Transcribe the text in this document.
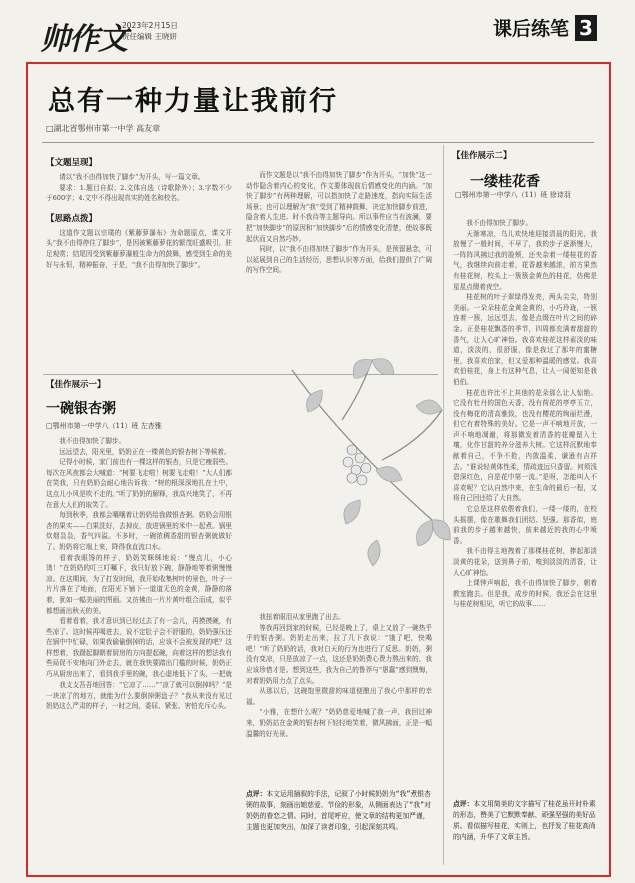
帅作文
2023年2月15日
责任编辑 王晓妍	课后练笔 3
总有一种力量让我前行
□湖北省鄂州市第一中学 高友章
【文题呈现】

请以“我不由得加快了脚步”为开头，写一篇文章。

要求：1.题目自拟；2.文体自选（诗歌除外）；3.字数不少于600字；4.文中不得出现真实的姓名和校名。

【思路点拨】

这道作文题以宗璞的《紫藤萝瀑布》为命题原点，课文开头“我不由得停住了脚步”，是因被紫藤萝花的繁茂旺盛吸引，驻足观赏；结尾因受到紫藤萝瀑般生命力的鼓舞，感受到生命的美好与永恒，精神振奋，于是，“我不由得加快了脚步”。

而作文题是以“我不由得加快了脚步”作为开头，“加快”这一动作隐含着内心的变化，作文要体现前后情感变化的内涵。“加快了脚步”有两种理解，可以指加快了走路速度，指向实际生活场景；也可以理解为“我”受到了精神鼓舞，决定加快脚步前进，隐含着人生进、时不我待等主题导向。所以事件应当有波澜，要把“加快脚步”的原因和“加快脚步”后的情感变化清楚，使故事既起伏而又自然巧妙。

同时，以“我不由得加快了脚步”作为开头，是预留悬念，可以延展到自己的生活经历，思想认识等方面，给我们提供了广阔的写作空间。

【佳作展示一】
一碗银杏粥
□鄂州市第一中学八（11）班 左杏雅

我不由得加快了脚步。

远远望去，阳光里，奶奶正在一棵黄色的银杏树下等候着。

记得小时候，家门前也有一棵这样的银杏，只是它瘦弱些。每次在风夜都会大喊道：“树要飞走啦！树要飞走啦！”大人们都在笑我，只有奶奶会耐心地告诉我：“树的根深深地扎在土中，这点儿小风是吹不走的。”听了奶奶的解释，我高兴地笑了，不再在意大人们的取笑了。

每到秋季，我都会嚷嚷着让奶奶给我做银杏粥。奶奶会用银杏的果实——白果洗好，去掉皮，放进锅里的米中一起煮。锅里炊烟袅袅，香气四溢。不多时，一碗浓稠香甜的银杏粥就做好了。奶奶将它端上来，降得我直流口水。

看着我眼馋的样子，奶奶笑眯眯地说：“慢点儿，小心烫！”在奶奶的叮三叮嘱下，我只好放下碗，静静地等着粥慢慢凉。在这期间，为了打发时间，我开始收集树叶的景色，叶子一片片落在了地面，在阳光下铺下一道道无色的金黄，静静的落着，犹如一幅美丽的图画。又彷佛由一片片黄叶组合而成，似乎都想画出秋天的美。

看着看着，我才意识到已经过去了有一会儿，再摸摸碗，有些凉了。这时候再喝进去，说不定肚子会不舒服的，奶奶强压还在锅中中忙碌，如果我偷偷倒掉的话，应该不会被发现的吧？这样想着，我蹑起脚朝着厨房的方向提起碗，向着这样的想法我有些局促不安地向门外走去，就在我快要踏出门槛的时候，奶奶正巧从厨房出来了，看到我手里的碗，我心虚地低下了头，一把就

我支支吾吾地回答：“它凉了……”“凉了就可以倒掉吗？”是一块凉了的地方，就能为什么要倒掉粥盘子？”我从来没有见过奶奶这么严肃的样子，一时之间，委屈、紧张、害怕充斥心头。

我扭着眼泪从家里跑了出去。

等我再回到家的时候，已经是晚上了，桌上又放了一碗热乎乎的银杏粥。奶奶走出来，拉了几下我说：“饿了吧，快喝吧！”听了奶奶的话，我对白天的行为也进行了反思。奶奶，粥没有变凉，只是放凉了一点，这还是奶奶费心费力熬出来的，我应该珍惜才是。想到这些，我为自己的鲁莽与“愚蠢”感到懊悔，对着奶奶用力点了点头。

从那以后，这碗饱里微甜的味道便酿出了我心中那样的幸福。

“小雅，在想什么呢？”奶奶慈爱地喊了我一声，我回过神来，奶奶站在金黄的银杏树下轻轻地笑着，微风拂面，正是一幅温馨的好光景。

点评：本文运用插叙的手法，记叙了小时候奶奶为“我”煮银杏粥的故事，刻画出她慈爱、节俭的形象，从侧面表达了“我”对奶奶的眷恋之情。同时，首尾呼应，使文章的结构更加严谨，主题也更加突出，加深了读者印象，引起深刻共鸣。
【佳作展示二】
一缕桂花香
□鄂州市第一中学八（11）班 徐诗羽

我不由得加快了脚步。

天渐寒凉，乌儿欢快地迎接清晨的阳光，我放慢了一般时间，不早了，我的步子逐渐慢大，一阵阵风拂过我的脸颊，还夹杂着一缕桂花的香气，我继续向前走着，花香越来越浓，前方果然有桂花树，校头上一簇簇金黄色的桂花，仿佛是星星点缀着夜空。

桂花树的叶子翠绿得发亮，两头尖尖，特别美丽。一朵朵桂花金黄金黄的，小巧玲珑，一簇连着一簇，远远望去，像是点缀在叶片之间的碎金。正是桂花飘香的季节，四周都充满着甜甜的香气，让人心旷神怡。我喜欢桂花这样素淡的味道，淡淡的，很舒服，像是我过了那年的蜜糖里，我喜欢伯家，但又爱那种温暖的感觉。我喜欢伯桂花，身上有这种气息，让人一闻便知是我伯伯。

桂花也许比不上其他的花朵那么让人惊艳。它没有牡丹的国色天香，没有荷花的亭亭玉立，没有梅花的清高雅致，也没有樱花的绚丽烂漫，但它有着特殊的美好。它是一声不响地开放，一声不响地凋谢，将那微发着清香的花瓣留入土壤，化作甘甜的养分滋养大树。它这样沉默地奉献着自己，不争不抢，内敛温柔，谦逊有吉祥去。“谁说轻黄体性柔，情疏迹远只香留。何须浅碧深红色，自是花中第一流。”是呀，怎能叫人不喜欢呢？它认自然中来，在生命的最后一程，又将自己回还给了大自然。

它总是这样依偎着我们，一缕一缕的，在校头摇摆，像在歌舞我们团结、坚强。那香似，庭前我的步子越来越快，前来越近的我的心中喷香。

我不由得主地拽着了那棵桂花树，捧起那淡淡黄的花朵，送到鼻子前，嗅到淡淡的清香，让人心旷神怡。

上课钟声响起，我不由得加快了脚步，朝着教室跑去。但是我，成步的时候，我还会在这里与桂花树相见，听它的故事……

点评：本文用简美的文字描写了桂花虽开时朴素的形态，赞美了它默默奉献、顽强坚强的美好品质。看似描写桂花，实则上，也抒发了桂花高尚的内涵，升华了文章主旨。
